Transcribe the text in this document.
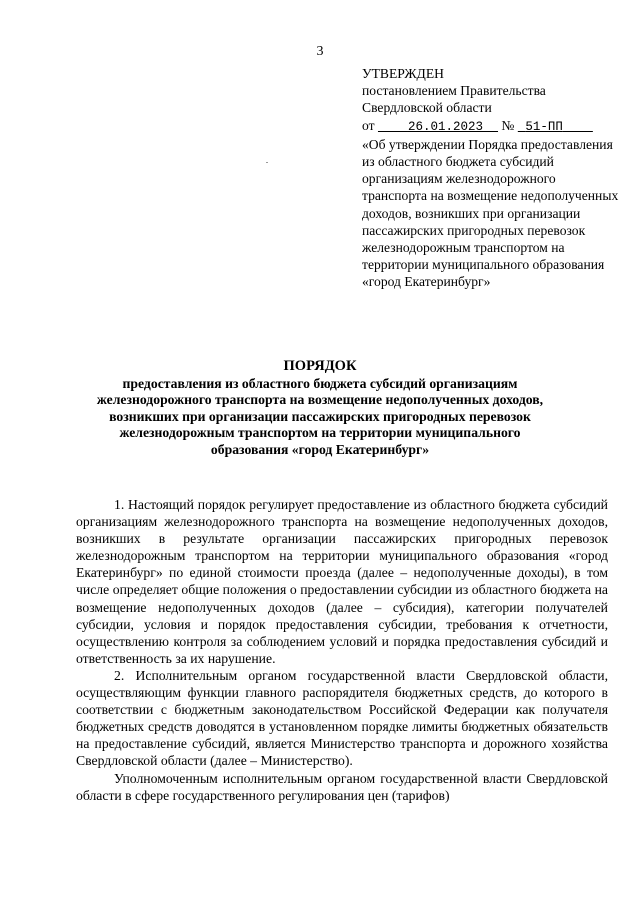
3
УТВЕРЖДЕН
постановлением Правительства
Свердловской области
от	26.01.2023 № 51-ПП
«Об утверждении Порядка предоставления из областного бюджета субсидий организациям железнодорожного транспорта на возмещение недополученных доходов, возникших при организации пассажирских пригородных перевозок железнодорожным транспортом на территории муниципального образования «город Екатеринбург»
ПОРЯДОК
предоставления из областного бюджета субсидий организациям железнодорожного транспорта на возмещение недополученных доходов, возникших при организации пассажирских пригородных перевозок железнодорожным транспортом на территории муниципального образования «город Екатеринбург»

1. Настоящий порядок регулирует предоставление из областного бюджета субсидий организациям железнодорожного транспорта на возмещение недополученных доходов, возникших в результате организации пассажирских пригородных перевозок железнодорожным транспортом на территории муниципального образования «город Екатеринбург» по единой стоимости проезда (далее – недополученные доходы), в том числе определяет общие положения о предоставлении субсидии из областного бюджета на возмещение недополученных доходов (далее – субсидия), категории получателей субсидии, условия и порядок предоставления субсидии, требования к отчетности, осуществлению контроля за соблюдением условий и порядка предоставления субсидий и ответственность за их нарушение.

2. Исполнительным органом государственной власти Свердловской области, осуществляющим функции главного распорядителя бюджетных средств, до которого в соответствии с бюджетным законодательством Российской Федерации как получателя бюджетных средств доводятся в установленном порядке лимиты бюджетных обязательств на предоставление субсидий, является Министерство транспорта и дорожного хозяйства Свердловской области (далее – Министерство).

Уполномоченным исполнительным органом государственной власти Свердловской области в сфере государственного регулирования цен (тарифов)
